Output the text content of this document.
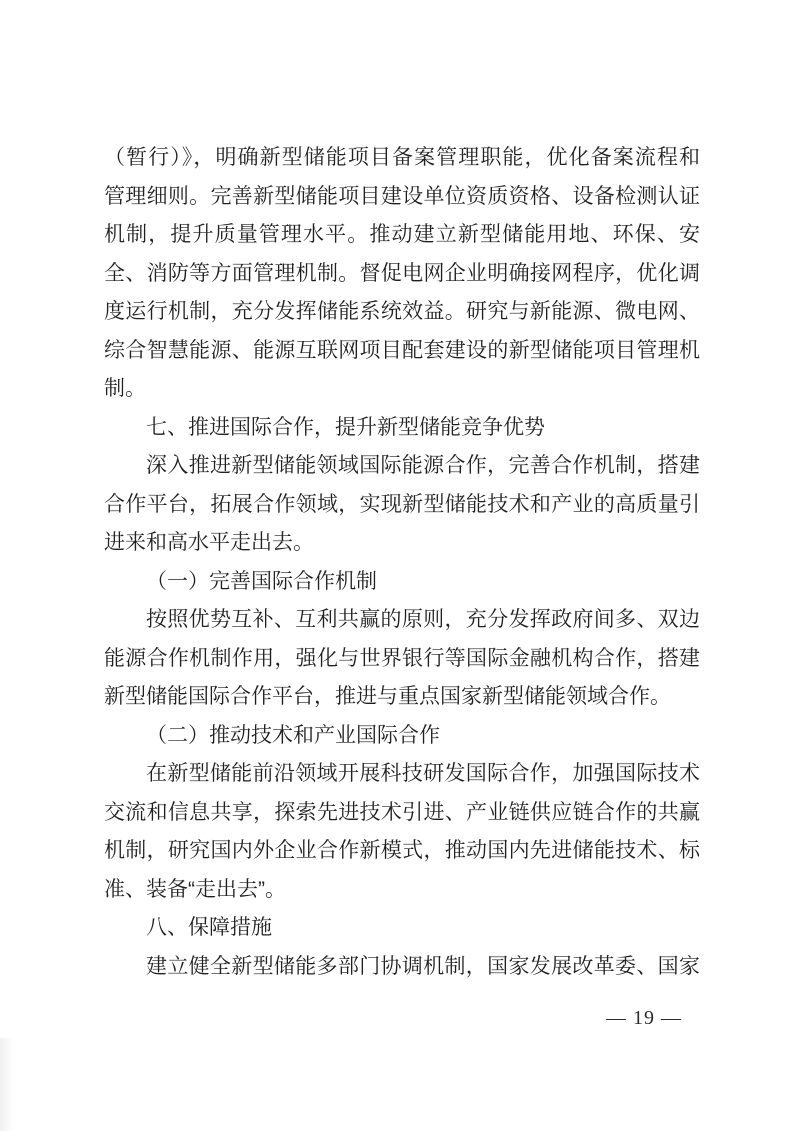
（暂行）》，明确新型储能项目备案管理职能，优化备案流程和
管理细则。完善新型储能项目建设单位资质资格、设备检测认证
机制，提升质量管理水平。推动建立新型储能用地、环保、安
全、消防等方面管理机制。督促电网企业明确接网程序，优化调
度运行机制，充分发挥储能系统效益。研究与新能源、微电网、
综合智慧能源、能源互联网项目配套建设的新型储能项目管理机
制。
七、推进国际合作，提升新型储能竞争优势
深入推进新型储能领域国际能源合作，完善合作机制，搭建
合作平台，拓展合作领域，实现新型储能技术和产业的高质量引
进来和高水平走出去。
（一）完善国际合作机制
按照优势互补、互利共赢的原则，充分发挥政府间多、双边
能源合作机制作用，强化与世界银行等国际金融机构合作，搭建
新型储能国际合作平台，推进与重点国家新型储能领域合作。
（二）推动技术和产业国际合作
在新型储能前沿领域开展科技研发国际合作，加强国际技术
交流和信息共享，探索先进技术引进、产业链供应链合作的共赢
机制，研究国内外企业合作新模式，推动国内先进储能技术、标
准、装备“走出去”。
八、保障措施
建立健全新型储能多部门协调机制，国家发展改革委、国家
— 19 —
